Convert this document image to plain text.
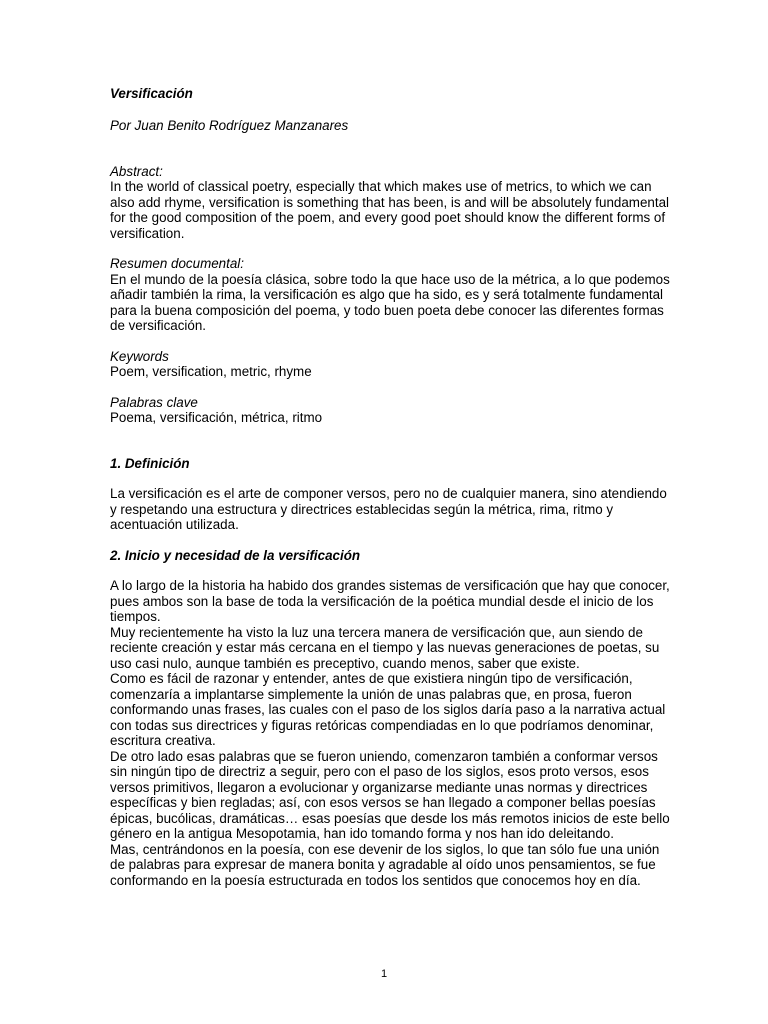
Versificación

Por Juan Benito Rodríguez Manzanares

Abstract:

In the world of classical poetry, especially that which makes use of metrics, to which we can also add rhyme, versification is something that has been, is and will be absolutely fundamental for the good composition of the poem, and every good poet should know the different forms of versification.

Resumen documental:

En el mundo de la poesía clásica, sobre todo la que hace uso de la métrica, a lo que podemos añadir también la rima, la versificación es algo que ha sido, es y será totalmente fundamental para la buena composición del poema, y todo buen poeta debe conocer las diferentes formas de versificación.

Keywords

Poem, versification, metric, rhyme

Palabras clave

Poema, versificación, métrica, ritmo

1. Definición

La versificación es el arte de componer versos, pero no de cualquier manera, sino atendiendo y respetando una estructura y directrices establecidas según la métrica, rima, ritmo y acentuación utilizada.

2. Inicio y necesidad de la versificación

A lo largo de la historia ha habido dos grandes sistemas de versificación que hay que conocer, pues ambos son la base de toda la versificación de la poética mundial desde el inicio de los tiempos.

Muy recientemente ha visto la luz una tercera manera de versificación que, aun siendo de reciente creación y estar más cercana en el tiempo y las nuevas generaciones de poetas, su uso casi nulo, aunque también es preceptivo, cuando menos, saber que existe.

Como es fácil de razonar y entender, antes de que existiera ningún tipo de versificación, comenzaría a implantarse simplemente la unión de unas palabras que, en prosa, fueron conformando unas frases, las cuales con el paso de los siglos daría paso a la narrativa actual con todas sus directrices y figuras retóricas compendiadas en lo que podríamos denominar, escritura creativa.

De otro lado esas palabras que se fueron uniendo, comenzaron también a conformar versos sin ningún tipo de directriz a seguir, pero con el paso de los siglos, esos proto versos, esos versos primitivos, llegaron a evolucionar y organizarse mediante unas normas y directrices específicas y bien regladas; así, con esos versos se han llegado a componer bellas poesías épicas, bucólicas, dramáticas… esas poesías que desde los más remotos inicios de este bello género en la antigua Mesopotamia, han ido tomando forma y nos han ido deleitando.

Mas, centrándonos en la poesía, con ese devenir de los siglos, lo que tan sólo fue una unión de palabras para expresar de manera bonita y agradable al oído unos pensamientos, se fue conformando en la poesía estructurada en todos los sentidos que conocemos hoy en día.

1
